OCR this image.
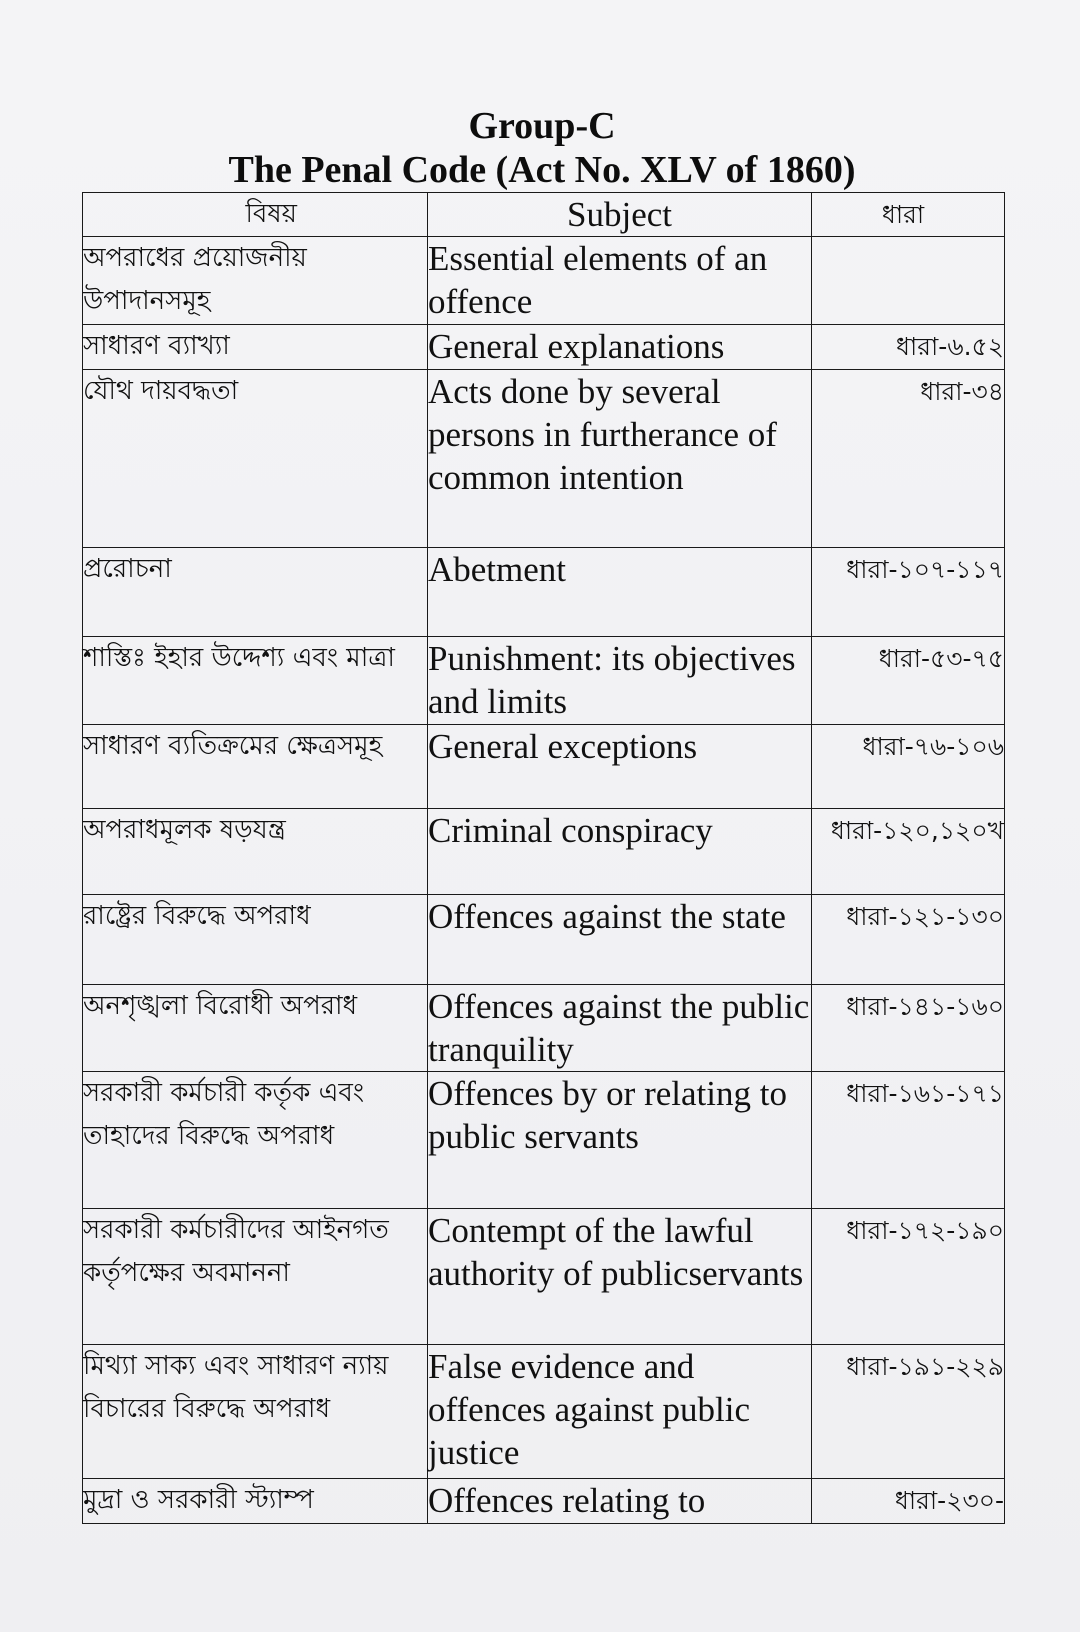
Group-C
The Penal Code (Act No. XLV of 1860)
বিষয়	Subject	ধারা
অপরাধের প্রয়োজনীয় উপাদানসমূহ	Essential elements of an offence	
সাধারণ ব্যাখ্যা	General explanations	ধারা-৬.৫২
যৌথ দায়বদ্ধতা	Acts done by several persons in furtherance of common intention	ধারা-৩৪
প্ররোচনা	Abetment	ধারা-১০৭-১১৭
শাস্তিঃ ইহার উদ্দেশ্য এবং মাত্রা	Punishment: its objectives and limits	ধারা-৫৩-৭৫
সাধারণ ব্যতিক্রমের ক্ষেত্রসমূহ	General exceptions	ধারা-৭৬-১০৬
অপরাধমূলক ষড়যন্ত্র	Criminal conspiracy	ধারা-১২০,১২০খ
রাষ্ট্রের বিরুদ্ধে অপরাধ	Offences against the state	ধারা-১২১-১৩০
অনশৃঙ্খলা বিরোধী অপরাধ	Offences against the public tranquility	ধারা-১৪১-১৬০
সরকারী কর্মচারী কর্তৃক এবং তাহাদের বিরুদ্ধে অপরাধ	Offences by or relating to public servants	ধারা-১৬১-১৭১
সরকারী কর্মচারীদের আইনগত কর্তৃপক্ষের অবমাননা	Contempt of the lawful authority of publicservants	ধারা-১৭২-১৯০
মিথ্যা সাক্য এবং সাধারণ ন্যায় বিচারের বিরুদ্ধে অপরাধ	False evidence and offences against public justice	ধারা-১৯১-২২৯
মুদ্রা ও সরকারী স্ট্যাম্প	Offences relating to	ধারা-২৩০-
